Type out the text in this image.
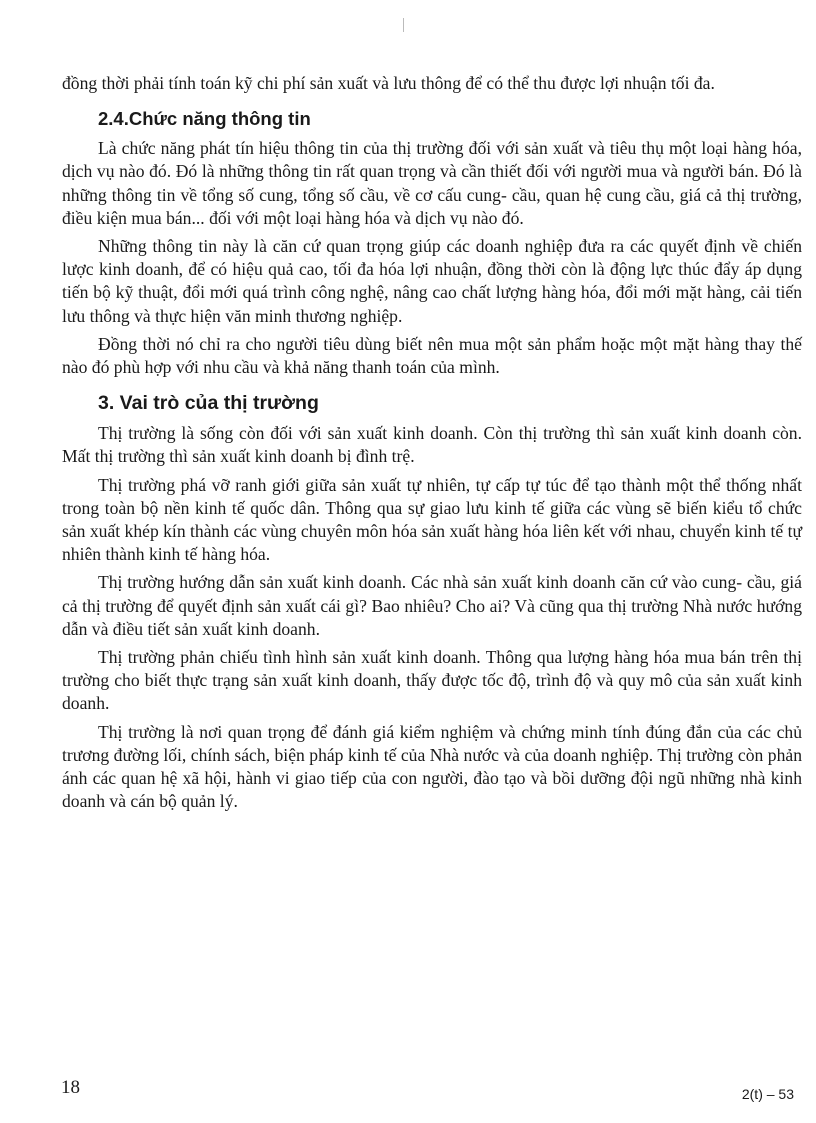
đồng thời phải tính toán kỹ chi phí sản xuất và lưu thông để có thể thu được lợi nhuận tối đa.

2.4.Chức năng thông tin

Là chức năng phát tín hiệu thông tin của thị trường đối với sản xuất và tiêu thụ một loại hàng hóa, dịch vụ nào đó. Đó là những thông tin rất quan trọng và cần thiết đối với người mua và người bán. Đó là những thông tin về tổng số cung, tổng số cầu, về cơ cấu cung- cầu, quan hệ cung cầu, giá cả thị trường, điều kiện mua bán... đối với một loại hàng hóa và dịch vụ nào đó.

Những thông tin này là căn cứ quan trọng giúp các doanh nghiệp đưa ra các quyết định về chiến lược kinh doanh, để có hiệu quả cao, tối đa hóa lợi nhuận, đồng thời còn là động lực thúc đẩy áp dụng tiến bộ kỹ thuật, đổi mới quá trình công nghệ, nâng cao chất lượng hàng hóa, đổi mới mặt hàng, cải tiến lưu thông và thực hiện văn minh thương nghiệp.

Đồng thời nó chỉ ra cho người tiêu dùng biết nên mua một sản phẩm hoặc một mặt hàng thay thế nào đó phù hợp với nhu cầu và khả năng thanh toán của mình.

3. Vai trò của thị trường

Thị trường là sống còn đối với sản xuất kinh doanh. Còn thị trường thì sản xuất kinh doanh còn. Mất thị trường thì sản xuất kinh doanh bị đình trệ.

Thị trường phá vỡ ranh giới giữa sản xuất tự nhiên, tự cấp tự túc để tạo thành một thể thống nhất trong toàn bộ nền kinh tế quốc dân. Thông qua sự giao lưu kinh tế giữa các vùng sẽ biến kiểu tổ chức sản xuất khép kín thành các vùng chuyên môn hóa sản xuất hàng hóa liên kết với nhau, chuyển kinh tế tự nhiên thành kinh tế hàng hóa.

Thị trường hướng dẫn sản xuất kinh doanh. Các nhà sản xuất kinh doanh căn cứ vào cung- cầu, giá cả thị trường để quyết định sản xuất cái gì? Bao nhiêu? Cho ai? Và cũng qua thị trường Nhà nước hướng dẫn và điều tiết sản xuất kinh doanh.

Thị trường phản chiếu tình hình sản xuất kinh doanh. Thông qua lượng hàng hóa mua bán trên thị trường cho biết thực trạng sản xuất kinh doanh, thấy được tốc độ, trình độ và quy mô của sản xuất kinh doanh.

Thị trường là nơi quan trọng để đánh giá kiểm nghiệm và chứng minh tính đúng đắn của các chủ trương đường lối, chính sách, biện pháp kinh tế của Nhà nước và của doanh nghiệp. Thị trường còn phản ánh các quan hệ xã hội, hành vi giao tiếp của con người, đào tạo và bồi dưỡng đội ngũ những nhà kinh doanh và cán bộ quản lý.

18	2(t) – 53
